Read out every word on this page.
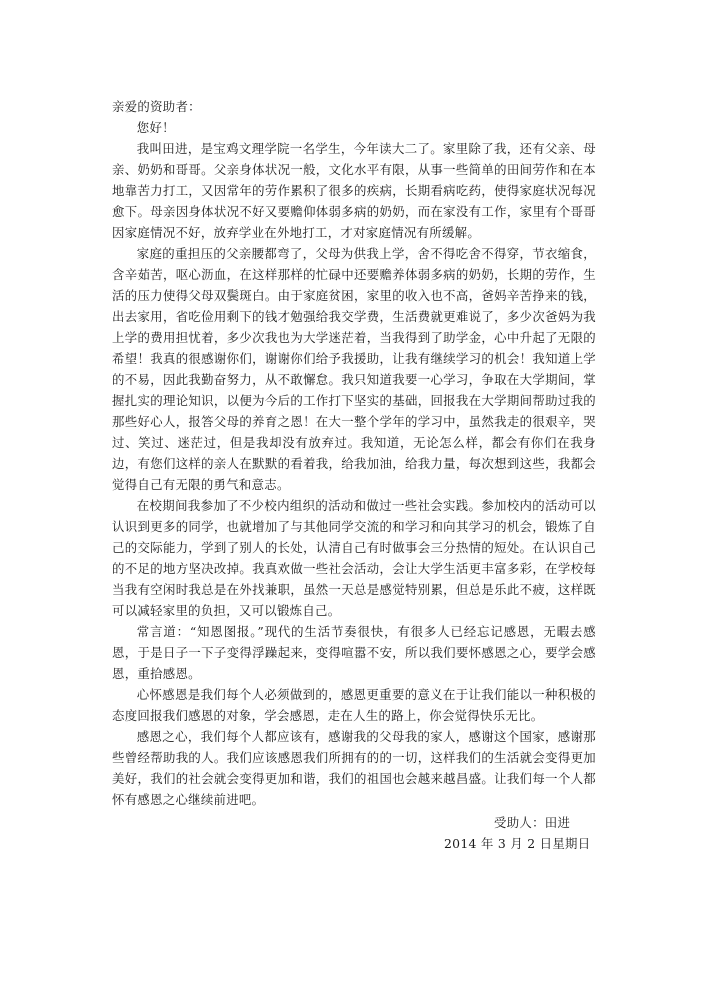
亲爱的资助者：

您好！

我叫田进，是宝鸡文理学院一名学生，今年读大二了。家里除了我，还有父亲、母亲、奶奶和哥哥。父亲身体状况一般，文化水平有限，从事一些简单的田间劳作和在本地靠苦力打工，又因常年的劳作累积了很多的疾病，长期看病吃药，使得家庭状况每况愈下。母亲因身体状况不好又要赡仰体弱多病的奶奶，而在家没有工作，家里有个哥哥因家庭情况不好，放弃学业在外地打工，才对家庭情况有所缓解。

家庭的重担压的父亲腰都弯了，父母为供我上学，舍不得吃舍不得穿，节衣缩食，含辛茹苦，呕心沥血，在这样那样的忙碌中还要赡养体弱多病的奶奶，长期的劳作，生活的压力使得父母双鬓斑白。由于家庭贫困，家里的收入也不高，爸妈辛苦挣来的钱，出去家用，省吃俭用剩下的钱才勉强给我交学费，生活费就更难说了，多少次爸妈为我上学的费用担忧着，多少次我也为大学迷茫着，当我得到了助学金，心中升起了无限的希望！我真的很感谢你们，谢谢你们给予我援助，让我有继续学习的机会！我知道上学的不易，因此我勤奋努力，从不敢懈怠。我只知道我要一心学习，争取在大学期间，掌握扎实的理论知识，以便为今后的工作打下坚实的基础，回报我在大学期间帮助过我的那些好心人，报答父母的养育之恩！在大一整个学年的学习中，虽然我走的很艰辛，哭过、笑过、迷茫过，但是我却没有放弃过。我知道，无论怎么样，都会有你们在我身边，有您们这样的亲人在默默的看着我，给我加油，给我力量，每次想到这些，我都会觉得自己有无限的勇气和意志。

在校期间我参加了不少校内组织的活动和做过一些社会实践。参加校内的活动可以认识到更多的同学，也就增加了与其他同学交流的和学习和向其学习的机会，锻炼了自己的交际能力，学到了别人的长处，认清自己有时做事会三分热情的短处。在认识自己的不足的地方坚决改掉。我真欢做一些社会活动，会让大学生活更丰富多彩，在学校每当我有空闲时我总是在外找兼职，虽然一天总是感觉特别累，但总是乐此不疲，这样既可以减轻家里的负担，又可以锻炼自己。

常言道：“知恩图报。”现代的生活节奏很快，有很多人已经忘记感恩，无暇去感恩，于是日子一下子变得浮躁起来，变得喧嚣不安，所以我们要怀感恩之心，要学会感恩，重拾感恩。

心怀感恩是我们每个人必须做到的，感恩更重要的意义在于让我们能以一种积极的态度回报我们感恩的对象，学会感恩，走在人生的路上，你会觉得快乐无比。

感恩之心，我们每个人都应该有，感谢我的父母我的家人，感谢这个国家，感谢那些曾经帮助我的人。我们应该感恩我们所拥有的的一切，这样我们的生活就会变得更加美好，我们的社会就会变得更加和谐，我们的祖国也会越来越昌盛。让我们每一个人都怀有感恩之心继续前进吧。

受助人：田进
2014 年 3 月 2 日星期日
